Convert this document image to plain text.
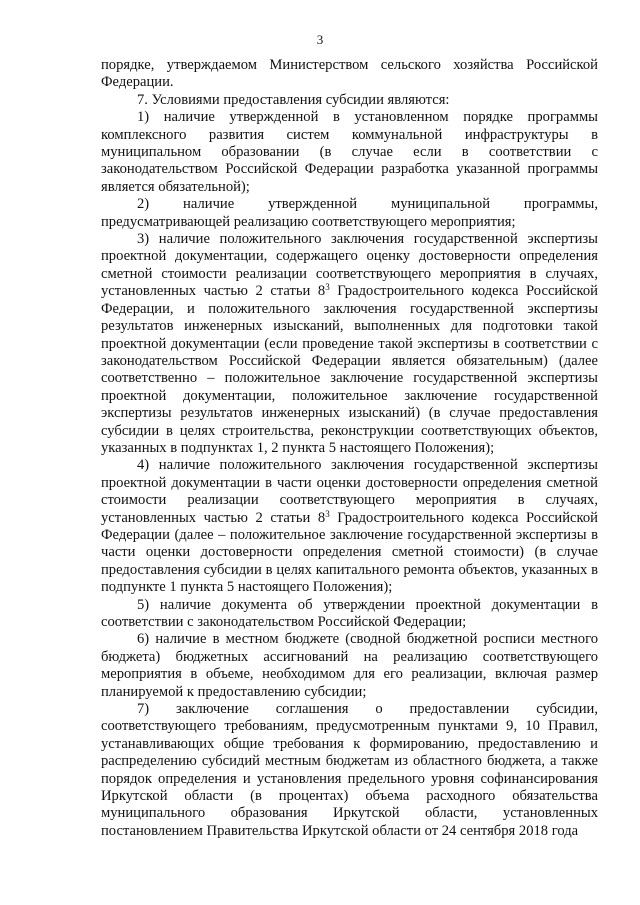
3

порядке, утверждаемом Министерством сельского хозяйства Российской Федерации.

7. Условиями предоставления субсидии являются:

1) наличие утвержденной в установленном порядке программы комплексного развития систем коммунальной инфраструктуры в муниципальном образовании (в случае если в соответствии с законодательством Российской Федерации разработка указанной программы является обязательной);

2) наличие утвержденной муниципальной программы, предусматривающей реализацию соответствующего мероприятия;

3) наличие положительного заключения государственной экспертизы проектной документации, содержащего оценку достоверности определения сметной стоимости реализации соответствующего мероприятия в случаях, установленных частью 2 статьи $8^3$ Градостроительного кодекса Российской Федерации, и положительного заключения государственной экспертизы результатов инженерных изысканий, выполненных для подготовки такой проектной документации (если проведение такой экспертизы в соответствии с законодательством Российской Федерации является обязательным) (далее соответственно – положительное заключение государственной экспертизы проектной документации, положительное заключение государственной экспертизы результатов инженерных изысканий) (в случае предоставления субсидии в целях строительства, реконструкции соответствующих объектов, указанных в подпунктах 1, 2 пункта 5 настоящего Положения);

4) наличие положительного заключения государственной экспертизы проектной документации в части оценки достоверности определения сметной стоимости реализации соответствующего мероприятия в случаях, установленных частью 2 статьи $8^3$ Градостроительного кодекса Российской Федерации (далее – положительное заключение государственной экспертизы в части оценки достоверности определения сметной стоимости) (в случае предоставления субсидии в целях капитального ремонта объектов, указанных в подпункте 1 пункта 5 настоящего Положения);

5) наличие документа об утверждении проектной документации в соответствии с законодательством Российской Федерации;

6) наличие в местном бюджете (сводной бюджетной росписи местного бюджета) бюджетных ассигнований на реализацию соответствующего мероприятия в объеме, необходимом для его реализации, включая размер планируемой к предоставлению субсидии;

7) заключение соглашения о предоставлении субсидии, соответствующего требованиям, предусмотренным пунктами 9, 10 Правил, устанавливающих общие требования к формированию, предоставлению и распределению субсидий местным бюджетам из областного бюджета, а также порядок определения и установления предельного уровня софинансирования Иркутской области (в процентах) объема расходного обязательства муниципального образования Иркутской области, установленных постановлением Правительства Иркутской области от 24 сентября 2018 года
